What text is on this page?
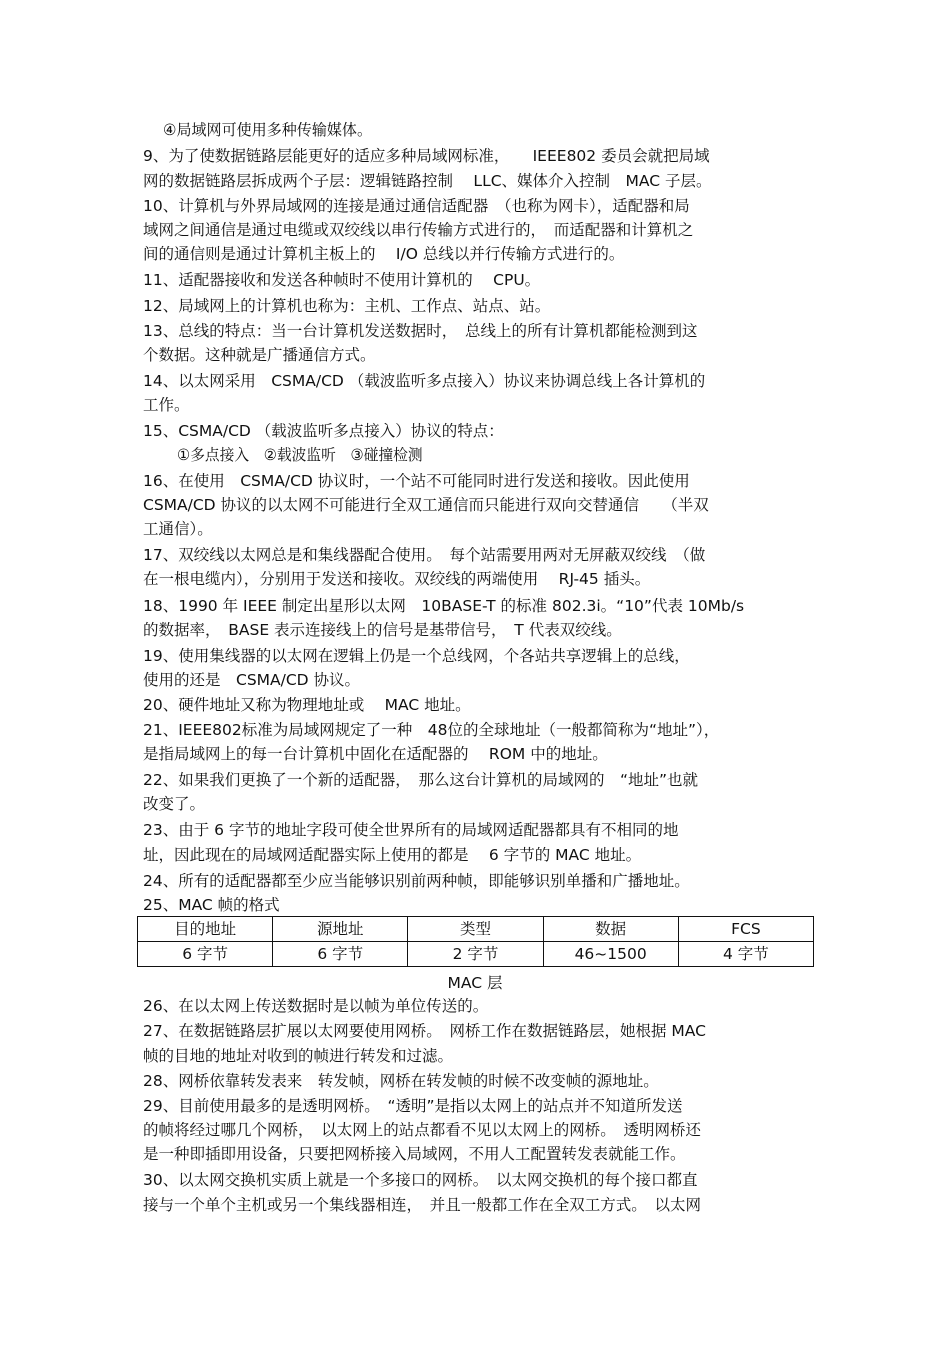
④局域网可使用多种传输媒体。
9、为了使数据链路层能更好的适应多种局域网标准，　　IEEE802 委员会就把局域
网的数据链路层拆成两个子层：逻辑链路控制　 LLC、媒体介入控制　MAC 子层。
10、计算机与外界局域网的连接是通过通信适配器　（也称为网卡），适配器和局
域网之间通信是通过电缆或双绞线以串行传输方式进行的，　而适配器和计算机之
间的通信则是通过计算机主板上的　 I/O 总线以并行传输方式进行的。
11、适配器接收和发送各种帧时不使用计算机的　 CPU。
12、局域网上的计算机也称为：主机、工作点、站点、站。
13、总线的特点：当一台计算机发送数据时，　总线上的所有计算机都能检测到这
个数据。这种就是广播通信方式。
14、以太网采用　CSMA/CD （载波监听多点接入）协议来协调总线上各计算机的
工作。
15、CSMA/CD （载波监听多点接入）协议的特点：
①多点接入　②载波监听　③碰撞检测
16、在使用　CSMA/CD 协议时，一个站不可能同时进行发送和接收。因此使用
CSMA/CD 协议的以太网不可能进行全双工通信而只能进行双向交替通信　　（半双
工通信）。
17、双绞线以太网总是和集线器配合使用。　每个站需要用两对无屏蔽双绞线　（做
在一根电缆内），分别用于发送和接收。双绞线的两端使用　 RJ-45 插头。
18、1990 年 IEEE 制定出星形以太网　10BASE-T 的标准 802.3i。“10”代表 10Mb/s
的数据率，　BASE 表示连接线上的信号是基带信号，　T 代表双绞线。
19、使用集线器的以太网在逻辑上仍是一个总线网，个各站共享逻辑上的总线，
使用的还是　CSMA/CD 协议。
20、硬件地址又称为物理地址或　 MAC 地址。
21、IEEE802标准为局域网规定了一种　48位的全球地址（一般都简称为“地址”），
是指局域网上的每一台计算机中固化在适配器的　 ROM 中的地址。
22、如果我们更换了一个新的适配器，　那么这台计算机的局域网的　“地址”也就
改变了。
23、由于 6 字节的地址字段可使全世界所有的局域网适配器都具有不相同的地
址，因此现在的局域网适配器实际上使用的都是　 6 字节的 MAC 地址。
24、所有的适配器都至少应当能够识别前两种帧，即能够识别单播和广播地址。
25、MAC 帧的格式
目的地址	源地址	类型	数据	FCS
6 字节	6 字节	2 字节	46~1500	4 字节
MAC 层
26、在以太网上传送数据时是以帧为单位传送的。
27、在数据链路层扩展以太网要使用网桥。　网桥工作在数据链路层，她根据 MAC
帧的目地的地址对收到的帧进行转发和过滤。
28、网桥依靠转发表来　转发帧，网桥在转发帧的时候不改变帧的源地址。
29、目前使用最多的是透明网桥。　“透明”是指以太网上的站点并不知道所发送
的帧将经过哪几个网桥，　以太网上的站点都看不见以太网上的网桥。　透明网桥还
是一种即插即用设备，只要把网桥接入局域网，不用人工配置转发表就能工作。
30、以太网交换机实质上就是一个多接口的网桥。　以太网交换机的每个接口都直
接与一个单个主机或另一个集线器相连，　并且一般都工作在全双工方式。　以太网
